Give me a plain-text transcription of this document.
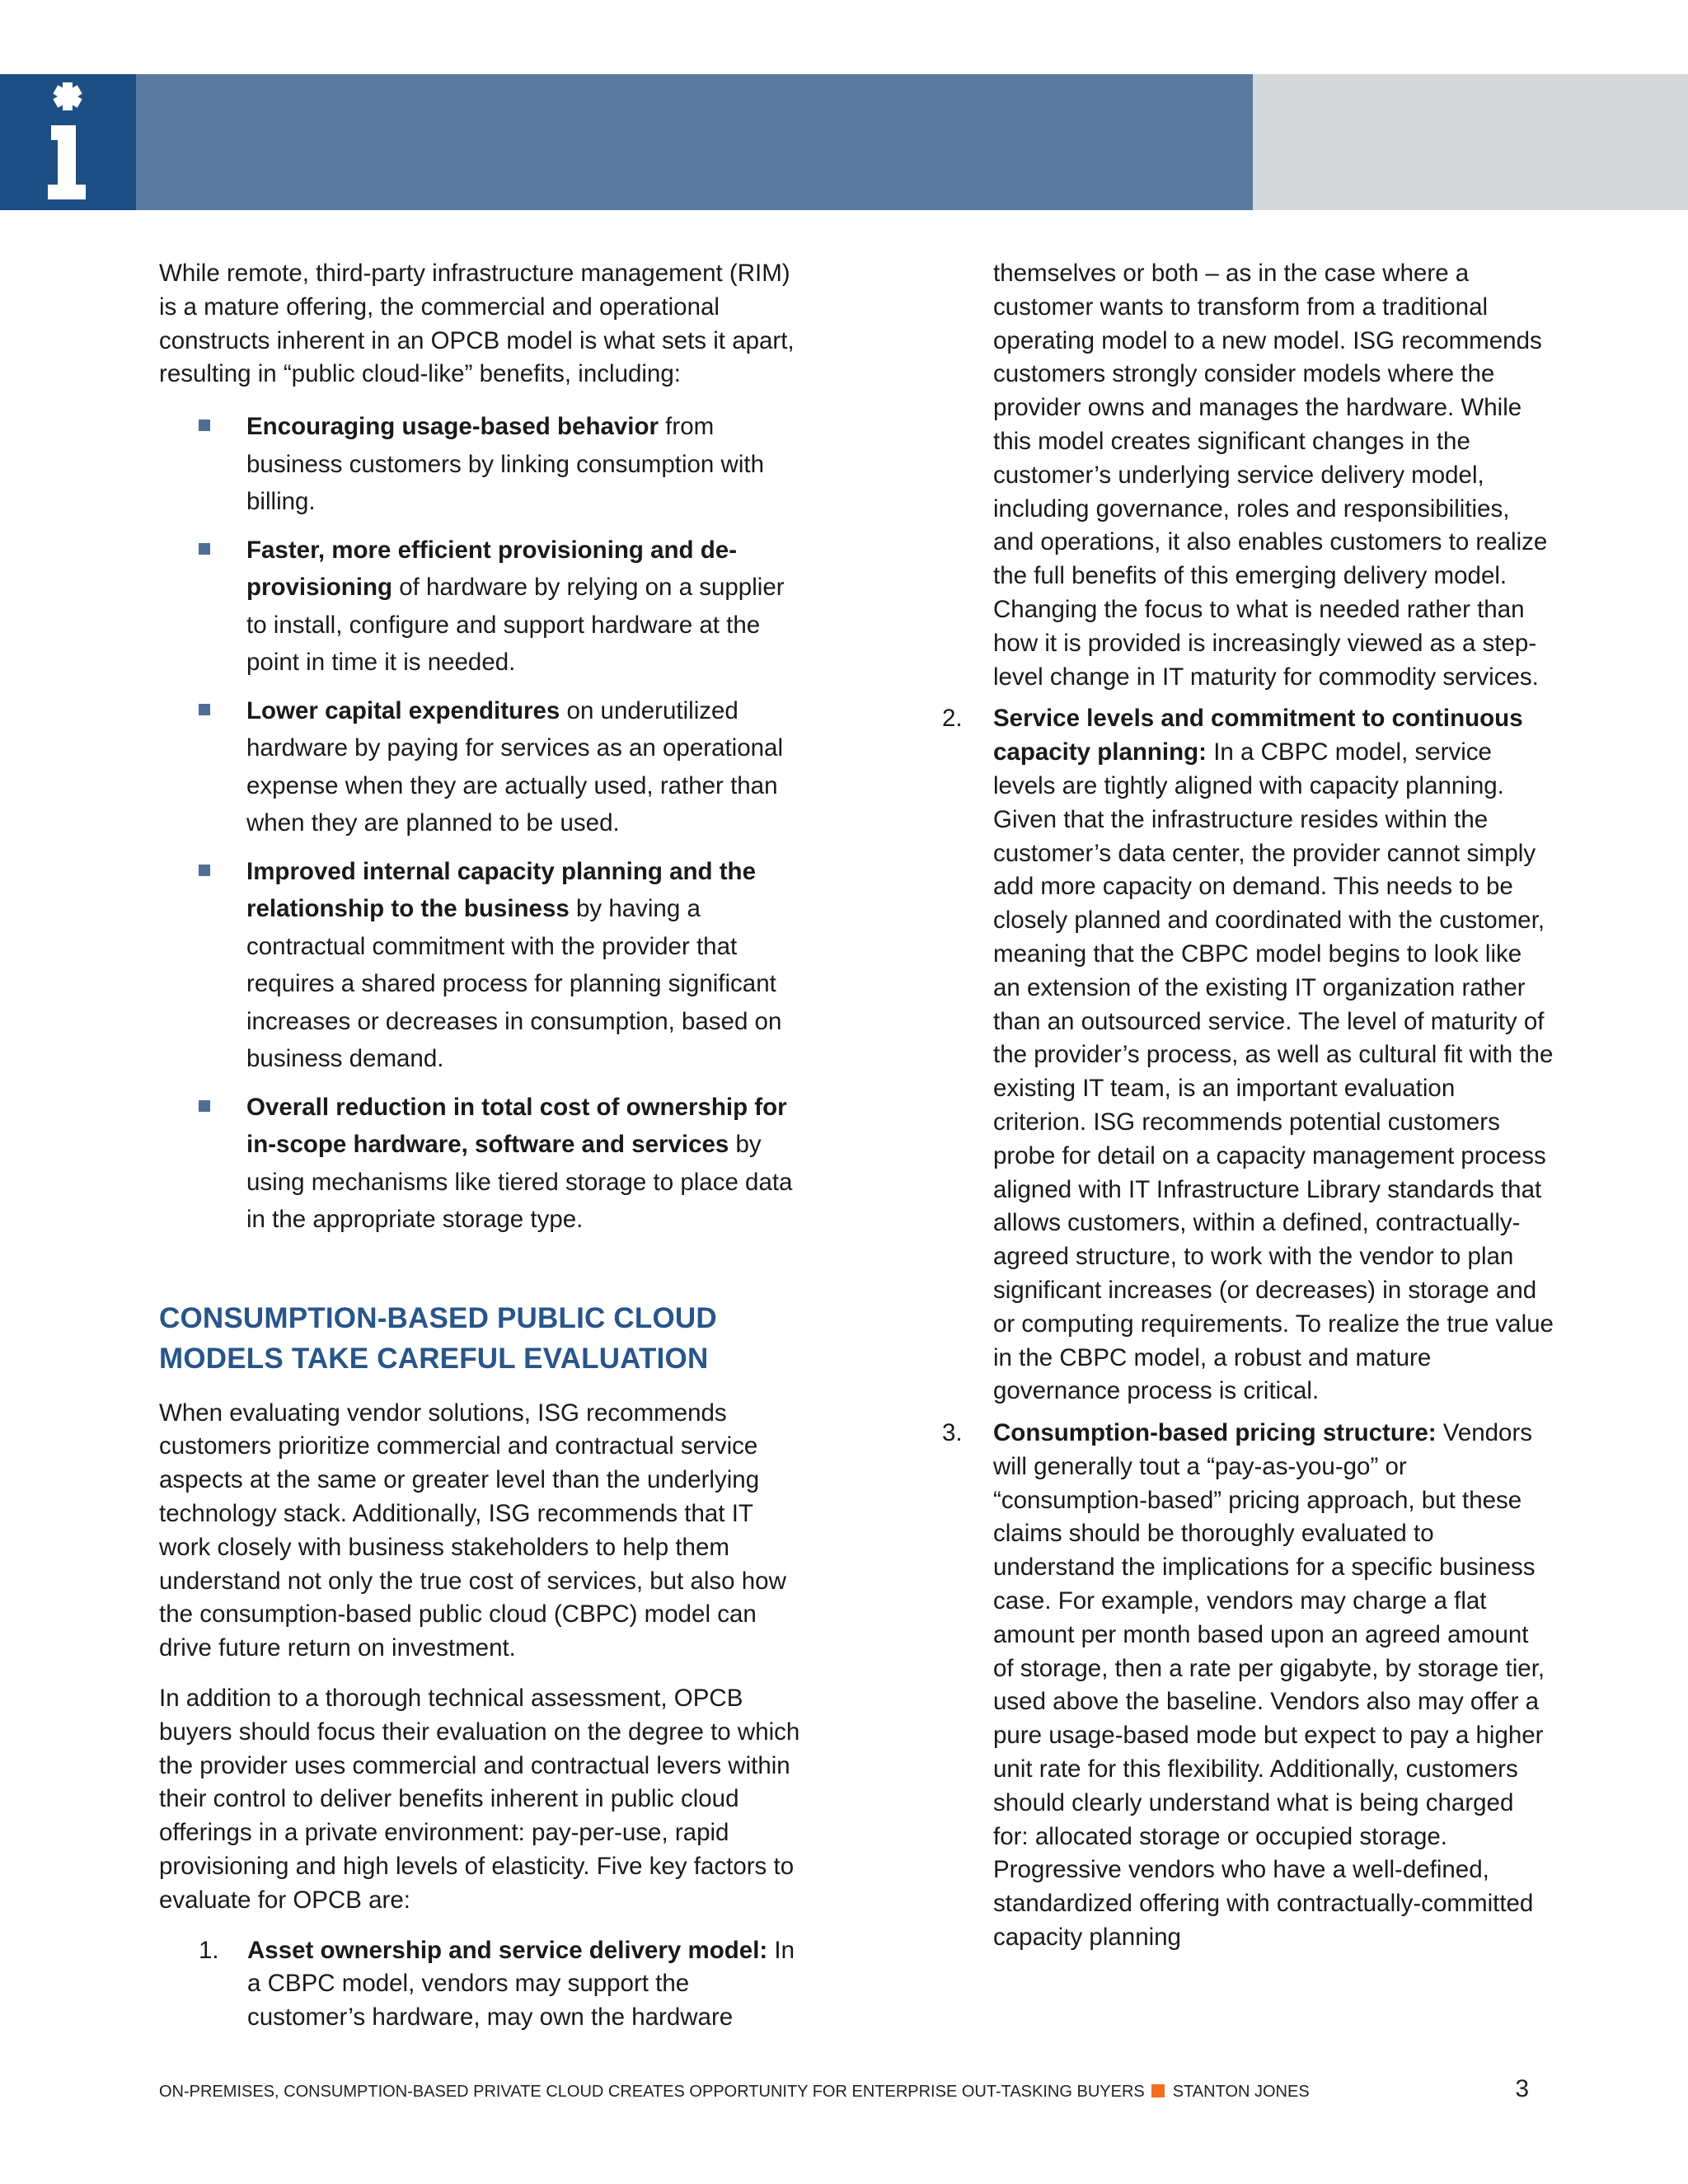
While remote, third-party infrastructure management (RIM) is a mature offering, the commercial and operational constructs inherent in an OPCB model is what sets it apart, resulting in “public cloud-like” benefits, including:

Encouraging usage-based behavior from business customers by linking consumption with billing.
Faster, more efficient provisioning and de-provisioning of hardware by relying on a supplier to install, configure and support hardware at the point in time it is needed.
Lower capital expenditures on underutilized hardware by paying for services as an operational expense when they are actually used, rather than when they are planned to be used.
Improved internal capacity planning and the relationship to the business by having a contractual commitment with the provider that requires a shared process for planning significant increases or decreases in consumption, based on business demand.
Overall reduction in total cost of ownership for in-scope hardware, software and services by using mechanisms like tiered storage to place data in the appropriate storage type.
CONSUMPTION-BASED PUBLIC CLOUD MODELS TAKE CAREFUL EVALUATION

When evaluating vendor solutions, ISG recommends customers prioritize commercial and contractual service aspects at the same or greater level than the underlying technology stack. Additionally, ISG recommends that IT work closely with business stakeholders to help them understand not only the true cost of services, but also how the consumption-based public cloud (CBPC) model can drive future return on investment.

In addition to a thorough technical assessment, OPCB buyers should focus their evaluation on the degree to which the provider uses commercial and contractual levers within their control to deliver benefits inherent in public cloud offerings in a private environment: pay-per-use, rapid provisioning and high levels of elasticity. Five key factors to evaluate for OPCB are:

1. Asset ownership and service delivery model: In a CBPC model, vendors may support the customer’s hardware, may own the hardware

themselves or both – as in the case where a customer wants to transform from a traditional operating model to a new model. ISG recommends customers strongly consider models where the provider owns and manages the hardware. While this model creates significant changes in the customer’s underlying service delivery model, including governance, roles and responsibilities, and operations, it also enables customers to realize the full benefits of this emerging delivery model. Changing the focus to what is needed rather than how it is provided is increasingly viewed as a step-level change in IT maturity for commodity services.

2. Service levels and commitment to continuous capacity planning: In a CBPC model, service levels are tightly aligned with capacity planning. Given that the infrastructure resides within the customer’s data center, the provider cannot simply add more capacity on demand. This needs to be closely planned and coordinated with the customer, meaning that the CBPC model begins to look like an extension of the existing IT organization rather than an outsourced service. The level of maturity of the provider’s process, as well as cultural fit with the existing IT team, is an important evaluation criterion. ISG recommends potential customers probe for detail on a capacity management process aligned with IT Infrastructure Library standards that allows customers, within a defined, contractually-agreed structure, to work with the vendor to plan significant increases (or decreases) in storage and or computing requirements. To realize the true value in the CBPC model, a robust and mature governance process is critical.
3. Consumption-based pricing structure: Vendors will generally tout a “pay-as-you-go” or “consumption-based” pricing approach, but these claims should be thoroughly evaluated to understand the implications for a specific business case. For example, vendors may charge a flat amount per month based upon an agreed amount of storage, then a rate per gigabyte, by storage tier, used above the baseline. Vendors also may offer a pure usage-based mode but expect to pay a higher unit rate for this flexibility. Additionally, customers should clearly understand what is being charged for: allocated storage or occupied storage. Progressive vendors who have a well-defined, standardized offering with contractually-committed capacity planning
ON-PREMISES, CONSUMPTION-BASED PRIVATE CLOUD CREATES OPPORTUNITY FOR ENTERPRISE OUT-TASKING BUYERS STANTON JONES	3
